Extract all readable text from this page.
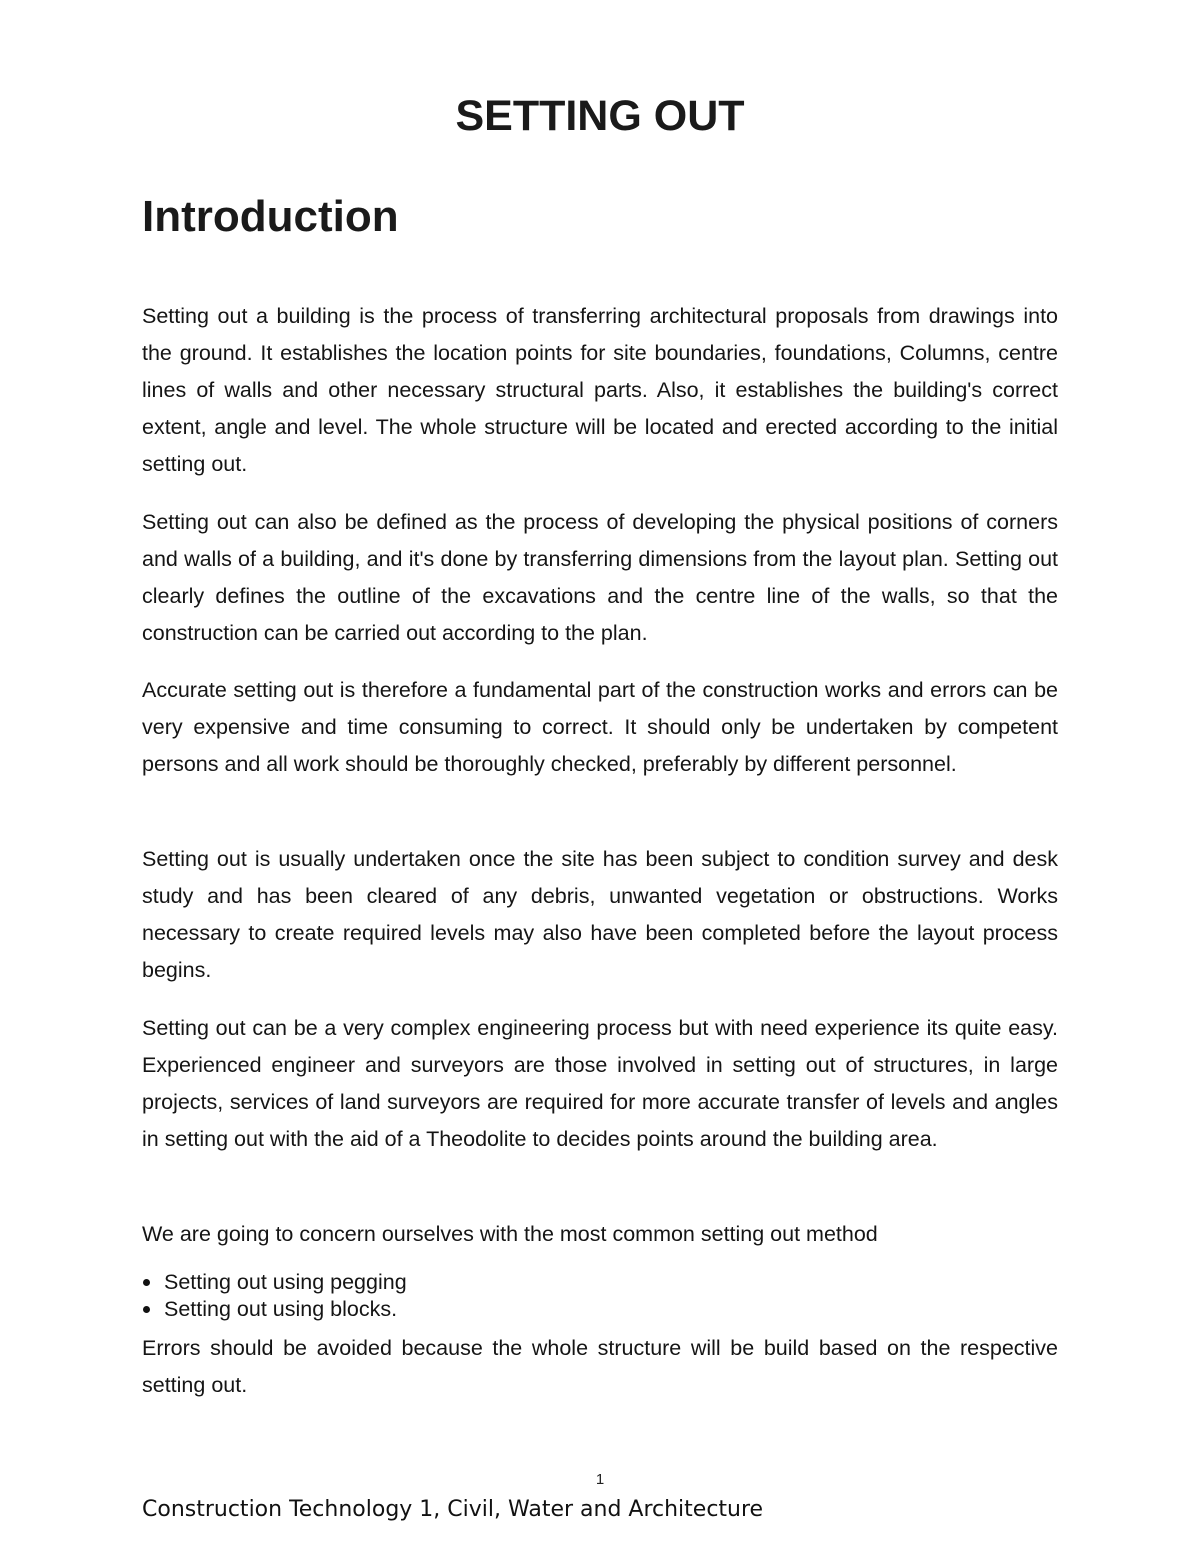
SETTING OUT
Introduction

Setting out a building is the process of transferring architectural proposals from drawings into the ground. It establishes the location points for site boundaries, foundations, Columns, centre lines of walls and other necessary structural parts. Also, it establishes the building's correct extent, angle and level. The whole structure will be located and erected according to the initial setting out.

Setting out can also be defined as the process of developing the physical positions of corners and walls of a building, and it's done by transferring dimensions from the layout plan. Setting out clearly defines the outline of the excavations and the centre line of the walls, so that the construction can be carried out according to the plan.

Accurate setting out is therefore a fundamental part of the construction works and errors can be very expensive and time consuming to correct. It should only be undertaken by competent persons and all work should be thoroughly checked, preferably by different personnel.

Setting out is usually undertaken once the site has been subject to condition survey and desk study and has been cleared of any debris, unwanted vegetation or obstructions. Works necessary to create required levels may also have been completed before the layout process begins.

Setting out can be a very complex engineering process but with need experience its quite easy. Experienced engineer and surveyors are those involved in setting out of structures, in large projects, services of land surveyors are required for more accurate transfer of levels and angles in setting out with the aid of a Theodolite to decides points around the building area.

We are going to concern ourselves with the most common setting out method

Setting out using pegging
Setting out using blocks.

Errors should be avoided because the whole structure will be build based on the respective setting out.

1
Construction Technology 1, Civil, Water and Architecture
